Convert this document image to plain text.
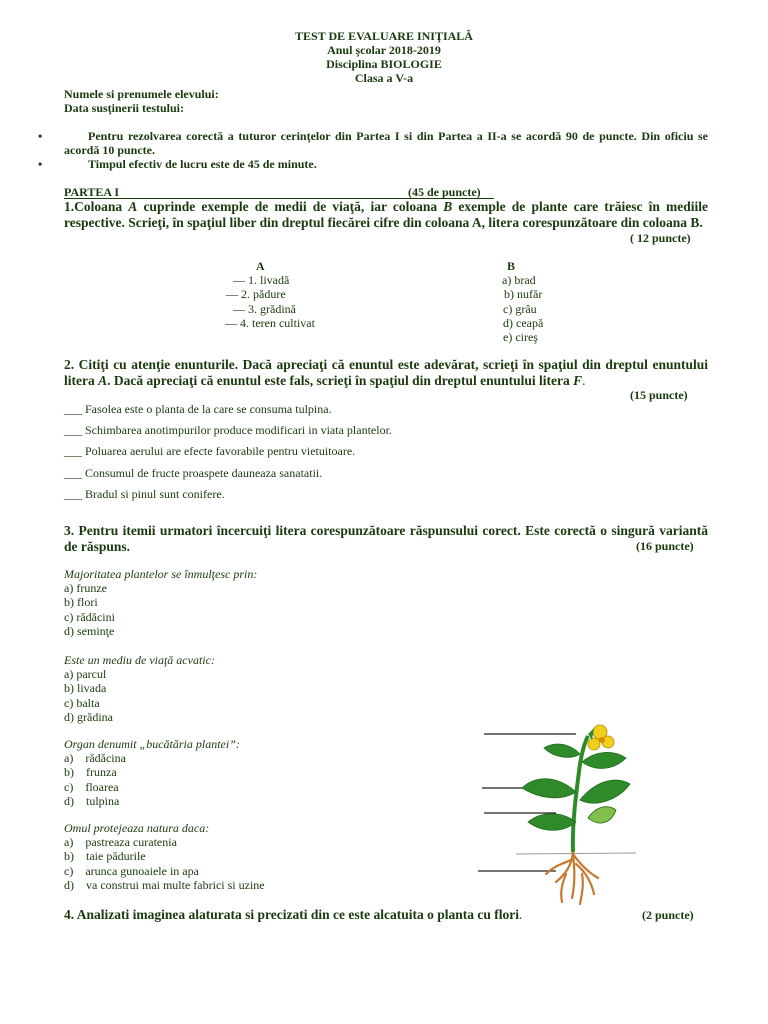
TEST DE EVALUARE INIŢIALĂ
Anul şcolar 2018-2019
Disciplina BIOLOGIE
Clasa a V-a
Numele si prenumele elevului:
Data susţinerii testului:
•	Pentru rezolvarea corectă a tuturor cerinţelor din Partea I si din Partea a II-a se acordă 90 de puncte. Din oficiu se acordă 10 puncte.
•	Timpul efectiv de lucru este de 45 de minute.
PARTEA I	(45 de puncte)
1.Coloana A cuprinde exemple de medii de viaţă, iar coloana B exemple de plante care trăiesc în mediile respective. Scrieţi, în spaţiul liber din dreptul fiecărei cifre din coloana A, litera corespunzătoare din coloana B.
( 12 puncte)
A	B
— 1. livadă
— 2. pădure
— 3. grădină
— 4. teren cultivat
a) brad
b) nufăr
c) grâu
d) ceapă
e) cireş
2. Citiţi cu atenţie enunturile. Dacă apreciaţi că enuntul este adevărat, scrieţi în spaţiul din dreptul enuntului litera A. Dacă apreciaţi că enuntul este fals, scrieţi în spaţiul din dreptul enuntului litera F.
(15 puncte)
___ Fasolea este o planta de la care se consuma tulpina.
___ Schimbarea anotimpurilor produce modificari in viata plantelor.
___ Poluarea aerului are efecte favorabile pentru vietuitoare.
___ Consumul de fructe proaspete dauneaza sanatatii.
___ Bradul si pinul sunt conifere.
3. Pentru itemii urmatori încercuiţi litera corespunzătoare răspunsului corect. Este corectă o singură variantă de răspuns.	(16 puncte)
Majoritatea plantelor se înmulţesc prin:
a) frunze
b) flori
c) rădăcini
d) seminţe
Este un mediu de viaţă acvatic:
a) parcul
b) livada
c) balta
d) grădina
Organ denumit „bucătăria plantei”:
a)    rădăcina
b)    frunza
c)    floarea
d)    tulpina
Omul protejeaza natura daca:
a)    pastreaza curatenia
b)    taie pădurile
c)    arunca gunoaiele in apa
d)    va construi mai multe fabrici si uzine
4. Analizati imaginea alaturata si precizati din ce este alcatuita o planta cu flori.	(2 puncte)
